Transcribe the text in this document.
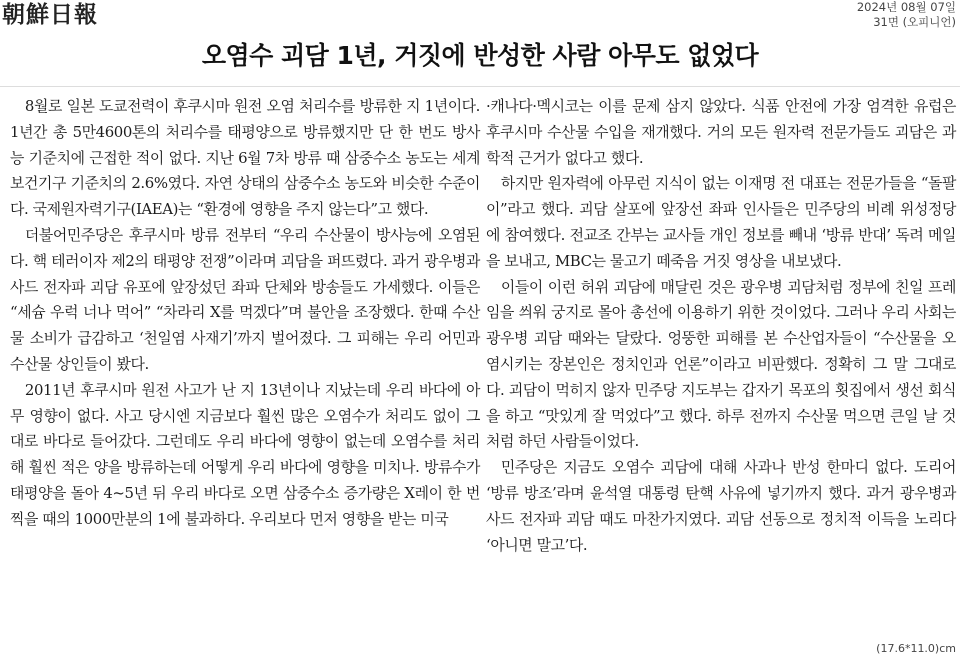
朝鮮日報	2024년 08월 07일
31면 (오피니언)
오염수 괴담 1년, 거짓에 반성한 사람 아무도 없었다

8월로 일본 도쿄전력이 후쿠시마 원전 오염 처리수를 방류한 지 1년이다. 1년간 총 5만4600톤의 처리수를 태평양으로 방류했지만 단 한 번도 방사능 기준치에 근접한 적이 없다. 지난 6월 7차 방류 때 삼중수소 농도는 세계보건기구 기준치의 2.6%였다. 자연 상태의 삼중수소 농도와 비슷한 수준이다. 국제원자력기구(IAEA)는 “환경에 영향을 주지 않는다”고 했다.

더불어민주당은 후쿠시마 방류 전부터 “우리 수산물이 방사능에 오염된다. 핵 테러이자 제2의 태평양 전쟁”이라며 괴담을 퍼뜨렸다. 과거 광우병과 사드 전자파 괴담 유포에 앞장섰던 좌파 단체와 방송들도 가세했다. 이들은 “세슘 우럭 너나 먹어” “차라리 X를 먹겠다”며 불안을 조장했다. 한때 수산물 소비가 급감하고 ‘천일염 사재기’까지 벌어졌다. 그 피해는 우리 어민과 수산물 상인들이 봤다.

2011년 후쿠시마 원전 사고가 난 지 13년이나 지났는데 우리 바다에 아무 영향이 없다. 사고 당시엔 지금보다 훨씬 많은 오염수가 처리도 없이 그대로 바다로 들어갔다. 그런데도 우리 바다에 영향이 없는데 오염수를 처리해 훨씬 적은 양을 방류하는데 어떻게 우리 바다에 영향을 미치나. 방류수가 태평양을 돌아 4~5년 뒤 우리 바다로 오면 삼중수소 증가량은 X레이 한 번 찍을 때의 1000만분의 1에 불과하다. 우리보다 먼저 영향을 받는 미국

·캐나다·멕시코는 이를 문제 삼지 않았다. 식품 안전에 가장 엄격한 유럽은 후쿠시마 수산물 수입을 재개했다. 거의 모든 원자력 전문가들도 괴담은 과학적 근거가 없다고 했다.

하지만 원자력에 아무런 지식이 없는 이재명 전 대표는 전문가들을 “돌팔이”라고 했다. 괴담 살포에 앞장선 좌파 인사들은 민주당의 비례 위성정당에 참여했다. 전교조 간부는 교사들 개인 정보를 빼내 ‘방류 반대’ 독려 메일을 보내고, MBC는 물고기 떼죽음 거짓 영상을 내보냈다.

이들이 이런 허위 괴담에 매달린 것은 광우병 괴담처럼 정부에 친일 프레임을 씌워 궁지로 몰아 총선에 이용하기 위한 것이었다. 그러나 우리 사회는 광우병 괴담 때와는 달랐다. 엉뚱한 피해를 본 수산업자들이 “수산물을 오염시키는 장본인은 정치인과 언론”이라고 비판했다. 정확히 그 말 그대로다. 괴담이 먹히지 않자 민주당 지도부는 갑자기 목포의 횟집에서 생선 회식을 하고 “맛있게 잘 먹었다”고 했다. 하루 전까지 수산물 먹으면 큰일 날 것처럼 하던 사람들이었다.

민주당은 지금도 오염수 괴담에 대해 사과나 반성 한마디 없다. 도리어 ‘방류 방조’라며 윤석열 대통령 탄핵 사유에 넣기까지 했다. 과거 광우병과 사드 전자파 괴담 때도 마찬가지였다. 괴담 선동으로 정치적 이득을 노리다 ‘아니면 말고’다.

(17.6*11.0)cm
